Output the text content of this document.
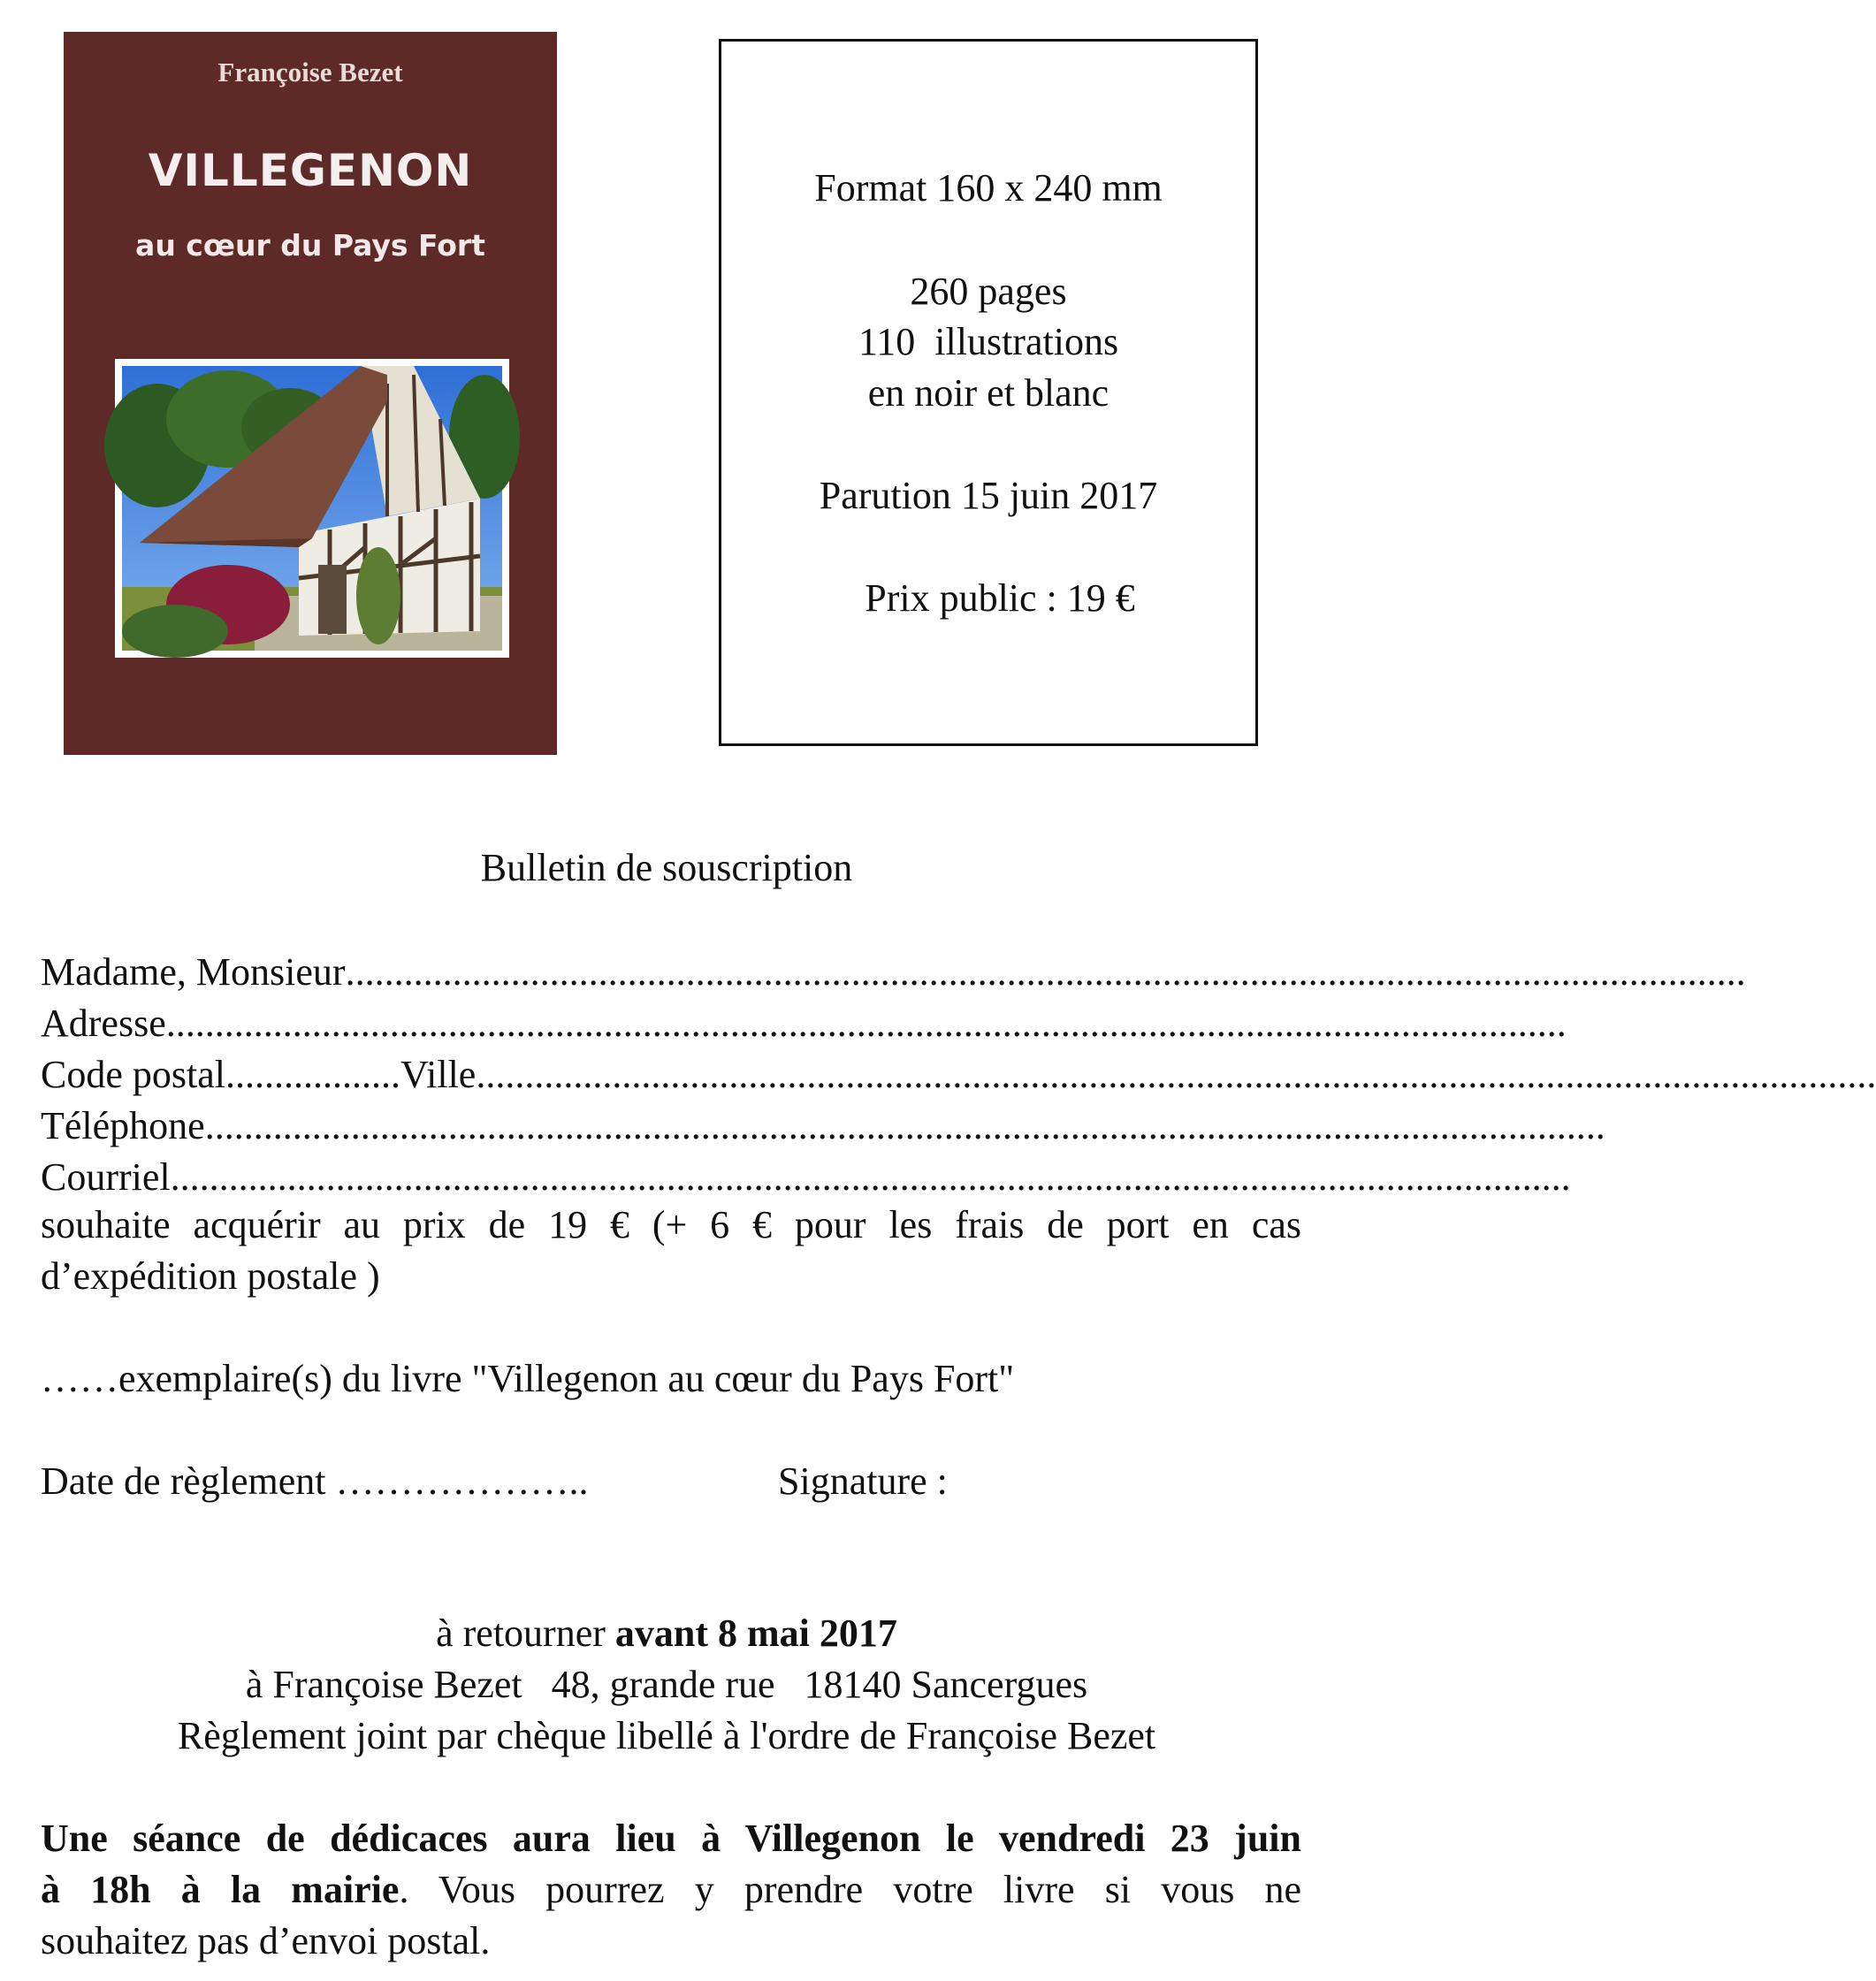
Françoise Bezet
VILLEGENON
au cœur du Pays Fort
Format 160 x 240 mm
260 pages
110  illustrations
en noir et blanc
Parution 15 juin 2017
Prix public : 19 €
Bulletin de souscription
Madame, Monsieur ................................................................................................................................................
Adresse ................................................................................................................................................
Code postal .................. Ville ................................................................................................................................................
Téléphone ................................................................................................................................................
Courriel ................................................................................................................................................
souhaite acquérir au prix de 19 € (+ 6 € pour les frais de port en cas
d’expédition postale )
……exemplaire(s) du livre "Villegenon au cœur du Pays Fort"
Date de règlement ………………..	Signature :
à retourner avant 8 mai 2017
à Françoise Bezet   48, grande rue   18140 Sancergues
Règlement joint par chèque libellé à l'ordre de Françoise Bezet
Une séance de dédicaces aura lieu à Villegenon le vendredi 23 juin
à 18h à la mairie. Vous pourrez y prendre votre livre si vous ne
souhaitez pas d’envoi postal.
